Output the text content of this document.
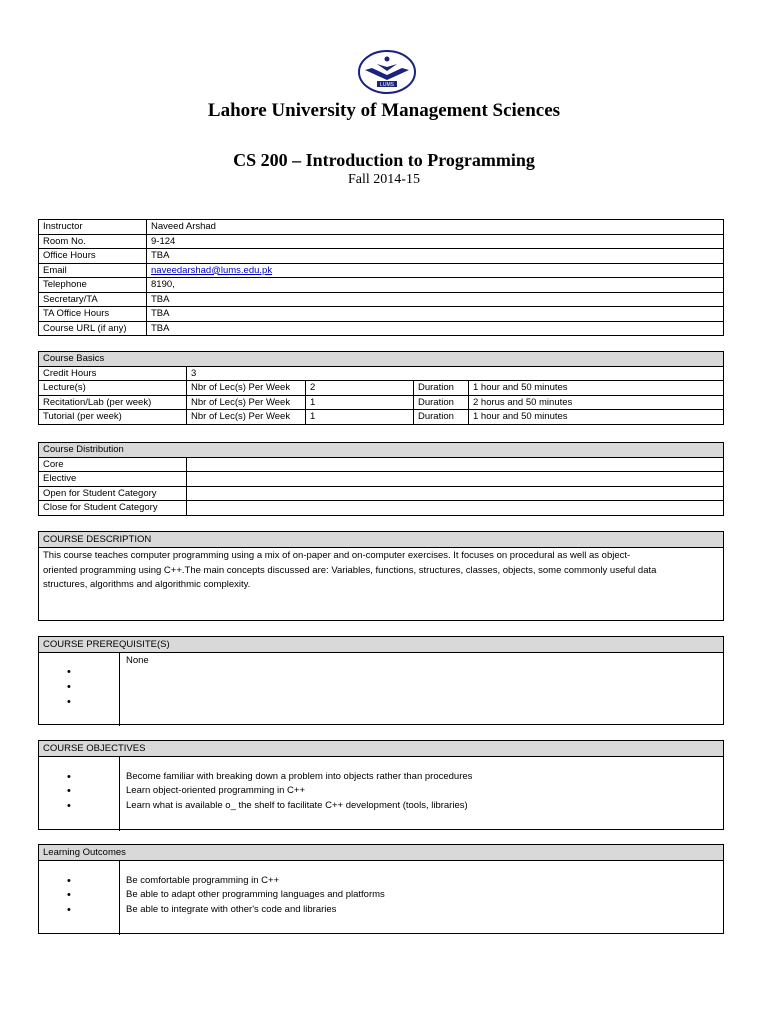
LUMS
Lahore University of Management Sciences
CS 200 – Introduction to Programming
Fall 2014-15
Instructor	Naveed Arshad
Room No.	9-124
Office Hours	TBA
Email	naveedarshad@lums.edu.pk
Telephone	8190,
Secretary/TA	TBA
TA Office Hours	TBA
Course URL (if any)	TBA
Course Basics				
Credit Hours	3			
Lecture(s)	Nbr of Lec(s) Per Week	2	Duration	1 hour and 50 minutes
Recitation/Lab (per week)	Nbr of Lec(s) Per Week	1	Duration	2 horus and 50 minutes
Tutorial (per week)	Nbr of Lec(s) Per Week	1	Duration	1 hour and 50 minutes
Course Distribution	
Core	
Elective	
Open for Student Category	
Close for Student Category	
COURSE DESCRIPTION
This course teaches computer programming using a mix of on-paper and on-computer exercises. It focuses on procedural as well as object-
oriented programming using C++.The main concepts discussed are: Variables, functions, structures, classes, objects, some commonly useful data
structures, algorithms and algorithmic complexity.
COURSE PREREQUISITE(S)
•
•
•
None
COURSE OBJECTIVES
•
•
•
Become familiar with breaking down a problem into objects rather than procedures
Learn object-oriented programming in C++
Learn what is available o_ the shelf to facilitate C++ development (tools, libraries)
Learning Outcomes
•
•
•
Be comfortable programming in C++
Be able to adapt other programming languages and platforms
Be able to integrate with other's code and libraries
